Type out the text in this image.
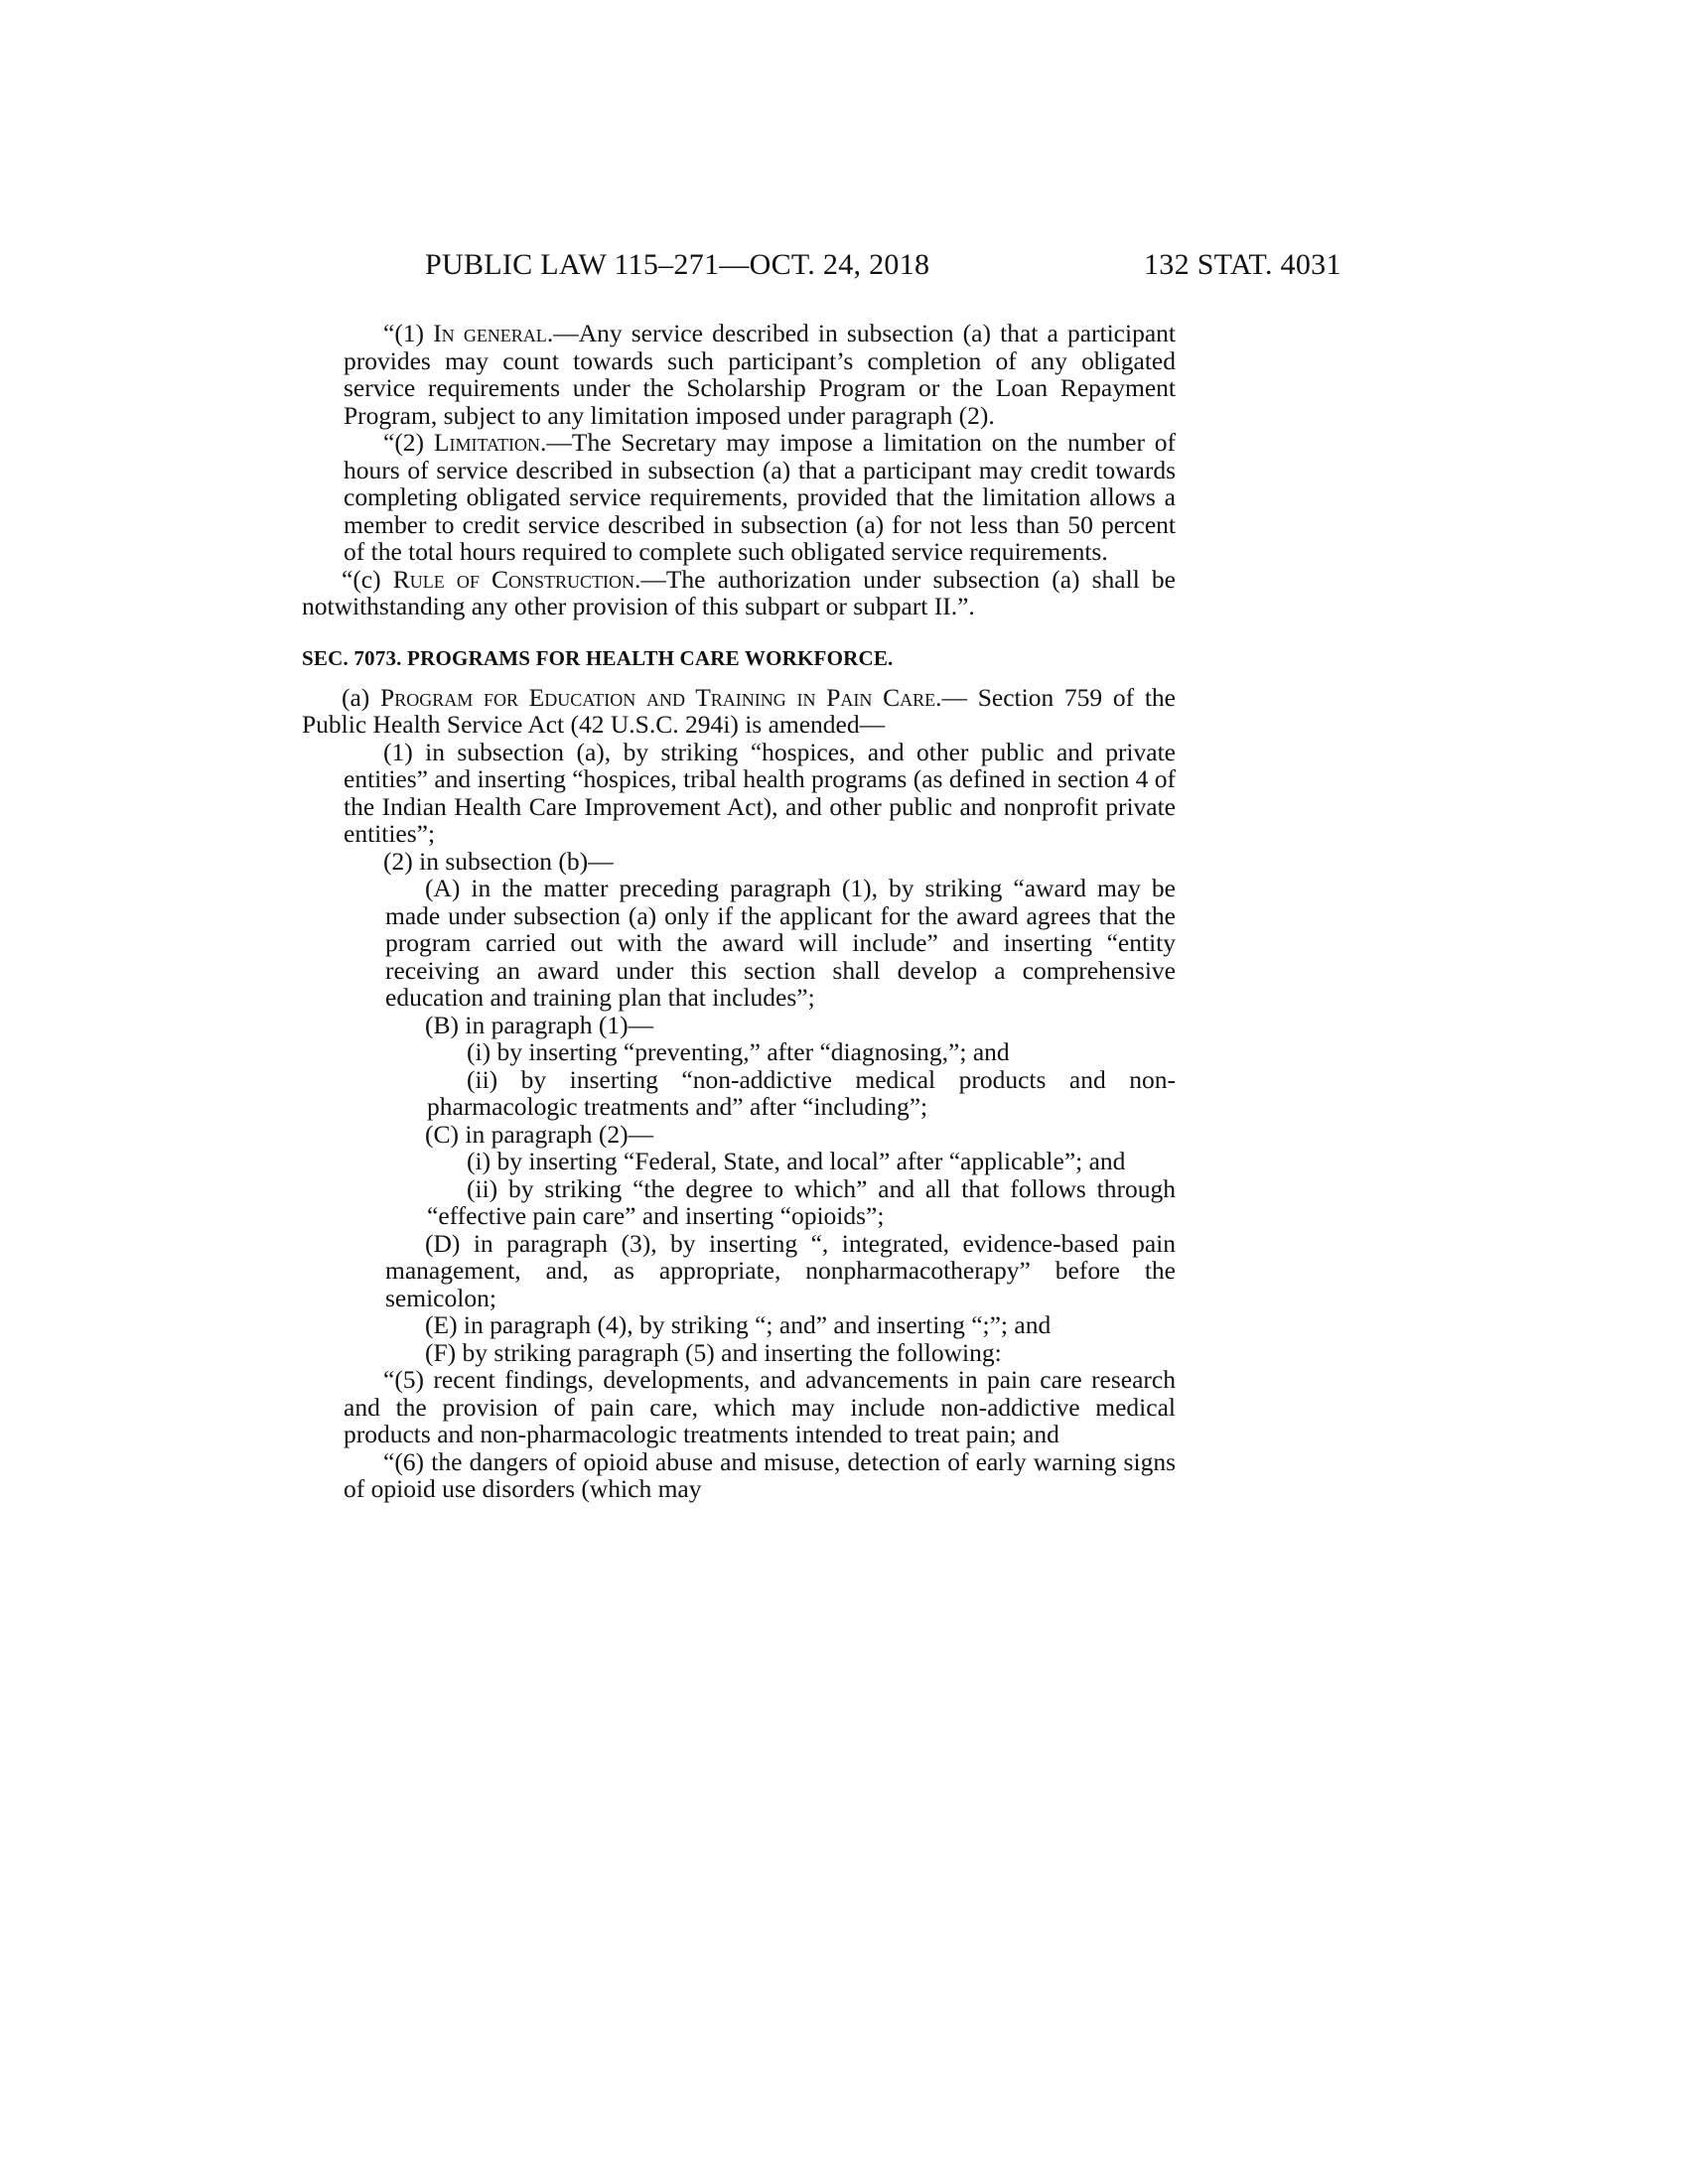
PUBLIC LAW 115–271—OCT. 24, 2018	132 STAT. 4031

“(1) In general.—Any service described in subsection (a) that a participant provides may count towards such participant’s completion of any obligated service requirements under the Scholarship Program or the Loan Repayment Program, subject to any limitation imposed under paragraph (2).

“(2) Limitation.—The Secretary may impose a limitation on the number of hours of service described in subsection (a) that a participant may credit towards completing obligated service requirements, provided that the limitation allows a member to credit service described in subsection (a) for not less than 50 percent of the total hours required to complete such obligated service requirements.

“(c) Rule of Construction.—The authorization under subsection (a) shall be notwithstanding any other provision of this subpart or subpart II.”.

SEC. 7073. PROGRAMS FOR HEALTH CARE WORKFORCE.

(a) Program for Education and Training in Pain Care.— Section 759 of the Public Health Service Act (42 U.S.C. 294i) is amended—

(1) in subsection (a), by striking “hospices, and other public and private entities” and inserting “hospices, tribal health programs (as defined in section 4 of the Indian Health Care Improvement Act), and other public and nonprofit private entities”;

(2) in subsection (b)—

(A) in the matter preceding paragraph (1), by striking “award may be made under subsection (a) only if the applicant for the award agrees that the program carried out with the award will include” and inserting “entity receiving an award under this section shall develop a comprehensive education and training plan that includes”;

(B) in paragraph (1)—

(i) by inserting “preventing,” after “diagnosing,”; and

(ii) by inserting “non-addictive medical products and non-pharmacologic treatments and” after “including”;

(C) in paragraph (2)—

(i) by inserting “Federal, State, and local” after “applicable”; and

(ii) by striking “the degree to which” and all that follows through “effective pain care” and inserting “opioids”;

(D) in paragraph (3), by inserting “, integrated, evidence-based pain management, and, as appropriate, nonpharmacotherapy” before the semicolon;

(E) in paragraph (4), by striking “; and” and inserting “;”; and

(F) by striking paragraph (5) and inserting the following:

“(5) recent findings, developments, and advancements in pain care research and the provision of pain care, which may include non-addictive medical products and non-pharmacologic treatments intended to treat pain; and

“(6) the dangers of opioid abuse and misuse, detection of early warning signs of opioid use disorders (which may
